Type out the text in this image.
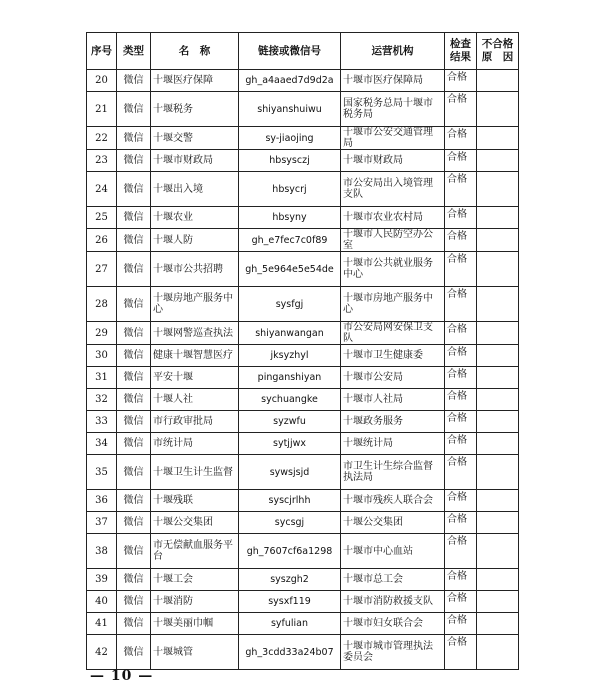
序号	类型	名　称	链接或微信号	运营机构	检查结果	不合格原　因
20	微信	十堰医疗保障	gh_a4aaed7d9d2a	十堰市医疗保障局	合格	
21	微信	十堰税务	shiyanshuiwu	国家税务总局十堰市税务局	合格	
22	微信	十堰交警	sy-jiaojing	十堰市公安交通管理局	合格	
23	微信	十堰市财政局	hbsysczj	十堰市财政局	合格	
24	微信	十堰出入境	hbsycrj	市公安局出入境管理支队	合格	
25	微信	十堰农业	hbsyny	十堰市农业农村局	合格	
26	微信	十堰人防	gh_e7fec7c0f89	十堰市人民防空办公室	合格	
27	微信	十堰市公共招聘	gh_5e964e5e54de	十堰市公共就业服务中心	合格	
28	微信	十堰房地产服务中心	sysfgj	十堰市房地产服务中心	合格	
29	微信	十堰网警巡查执法	shiyanwangan	市公安局网安保卫支队	合格	
30	微信	健康十堰智慧医疗	jksyzhyl	十堰市卫生健康委	合格	
31	微信	平安十堰	pinganshiyan	十堰市公安局	合格	
32	微信	十堰人社	sychuangke	十堰市人社局	合格	
33	微信	市行政审批局	syzwfu	十堰政务服务	合格	
34	微信	市统计局	sytjjwx	十堰统计局	合格	
35	微信	十堰卫生计生监督	sywsjsjd	市卫生计生综合监督执法局	合格	
36	微信	十堰残联	syscjrlhh	十堰市残疾人联合会	合格	
37	微信	十堰公交集团	sycsgj	十堰公交集团	合格	
38	微信	市无偿献血服务平台	gh_7607cf6a1298	十堰市中心血站	合格	
39	微信	十堰工会	syszgh2	十堰市总工会	合格	
40	微信	十堰消防	sysxf119	十堰市消防救援支队	合格	
41	微信	十堰美丽巾帼	syfulian	十堰市妇女联合会	合格	
42	微信	十堰城管	gh_3cdd33a24b07	十堰市城市管理执法委员会	合格	
— 10 —
